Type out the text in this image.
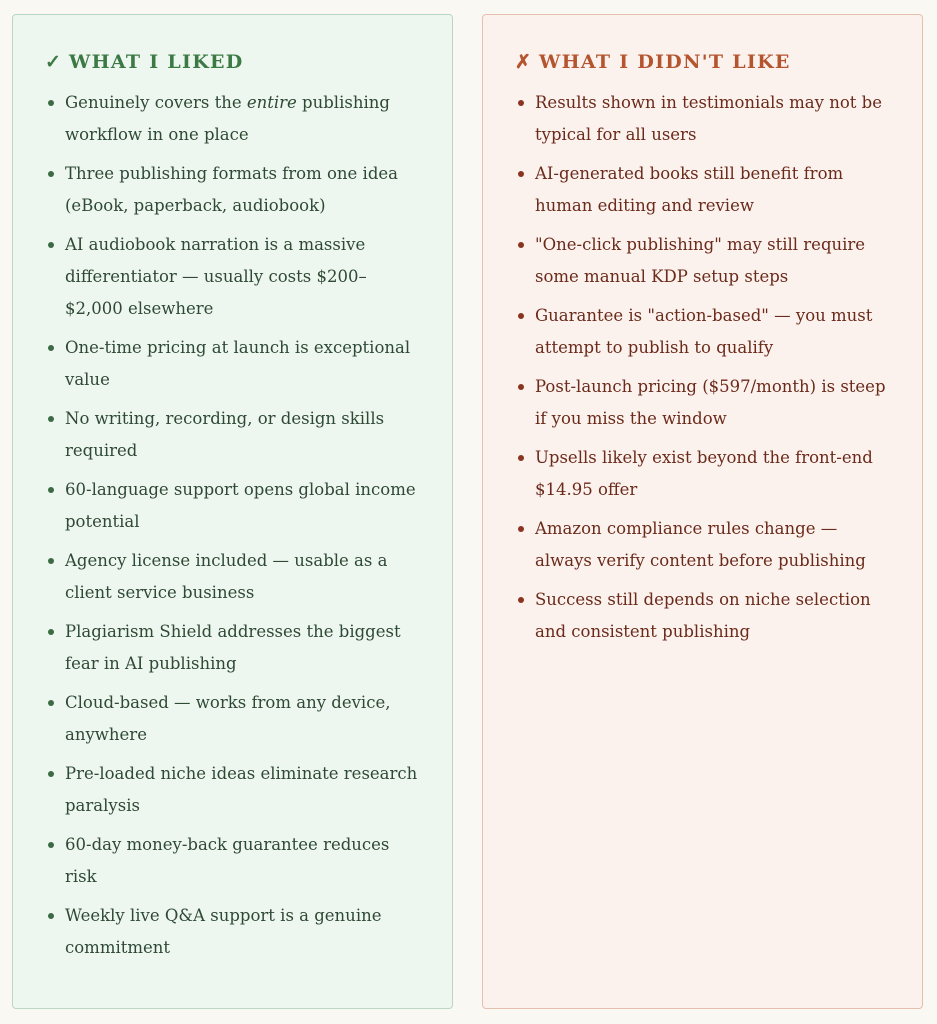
✓ WHAT I LIKED
Genuinely covers the entire publishing workflow in one place
Three publishing formats from one idea (eBook, paperback, audiobook)
AI audiobook narration is a massive differentiator — usually costs $200–$2,000 elsewhere
One-time pricing at launch is exceptional value
No writing, recording, or design skills required
60-language support opens global income potential
Agency license included — usable as a client service business
Plagiarism Shield addresses the biggest fear in AI publishing
Cloud-based — works from any device, anywhere
Pre-loaded niche ideas eliminate research paralysis
60-day money-back guarantee reduces risk
Weekly live Q&A support is a genuine commitment
✗ WHAT I DIDN'T LIKE
Results shown in testimonials may not be typical for all users
AI-generated books still benefit from human editing and review
"One-click publishing" may still require some manual KDP setup steps
Guarantee is "action-based" — you must attempt to publish to qualify
Post-launch pricing ($597/month) is steep if you miss the window
Upsells likely exist beyond the front-end $14.95 offer
Amazon compliance rules change — always verify content before publishing
Success still depends on niche selection and consistent publishing
